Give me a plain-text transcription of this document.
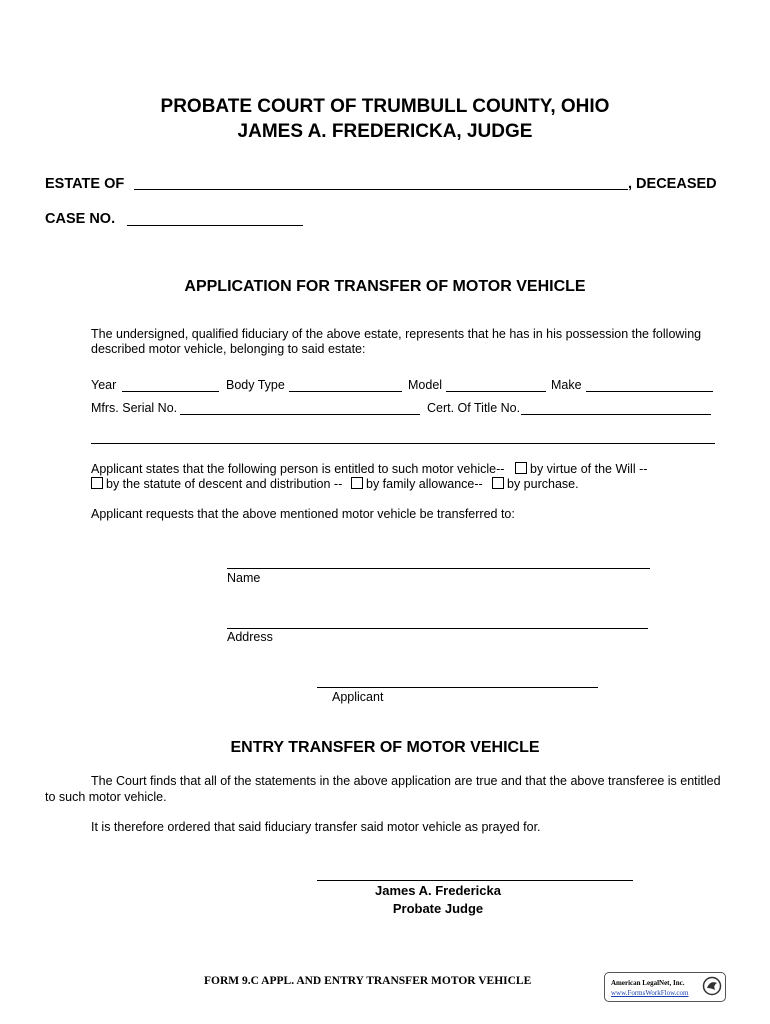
PROBATE COURT OF TRUMBULL COUNTY, OHIO
JAMES A. FREDERICKA, JUDGE
ESTATE OF	, DECEASED
CASE NO.
APPLICATION FOR TRANSFER OF MOTOR VEHICLE
The undersigned, qualified fiduciary of the above estate, represents that he has in his possession the following
described motor vehicle, belonging to said estate:
Year	Body Type	Model	Make
Mfrs. Serial No.	Cert. Of Title No.
Applicant states that the following person is entitled to such motor vehicle--	by virtue of the Will --
by the statute of descent and distribution --	by family allowance--	by purchase.
Applicant requests that the above mentioned motor vehicle be transferred to:
Name
Address
Applicant
ENTRY TRANSFER OF MOTOR VEHICLE
The Court finds that all of the statements in the above application are true and that the above transferee is entitled
to such motor vehicle.
It is therefore ordered that said fiduciary transfer said motor vehicle as prayed for.
James A. Fredericka
Probate Judge
FORM 9.C APPL. AND ENTRY TRANSFER MOTOR VEHICLE	American LegalNet, Inc.
www.FormsWorkFlow.com
